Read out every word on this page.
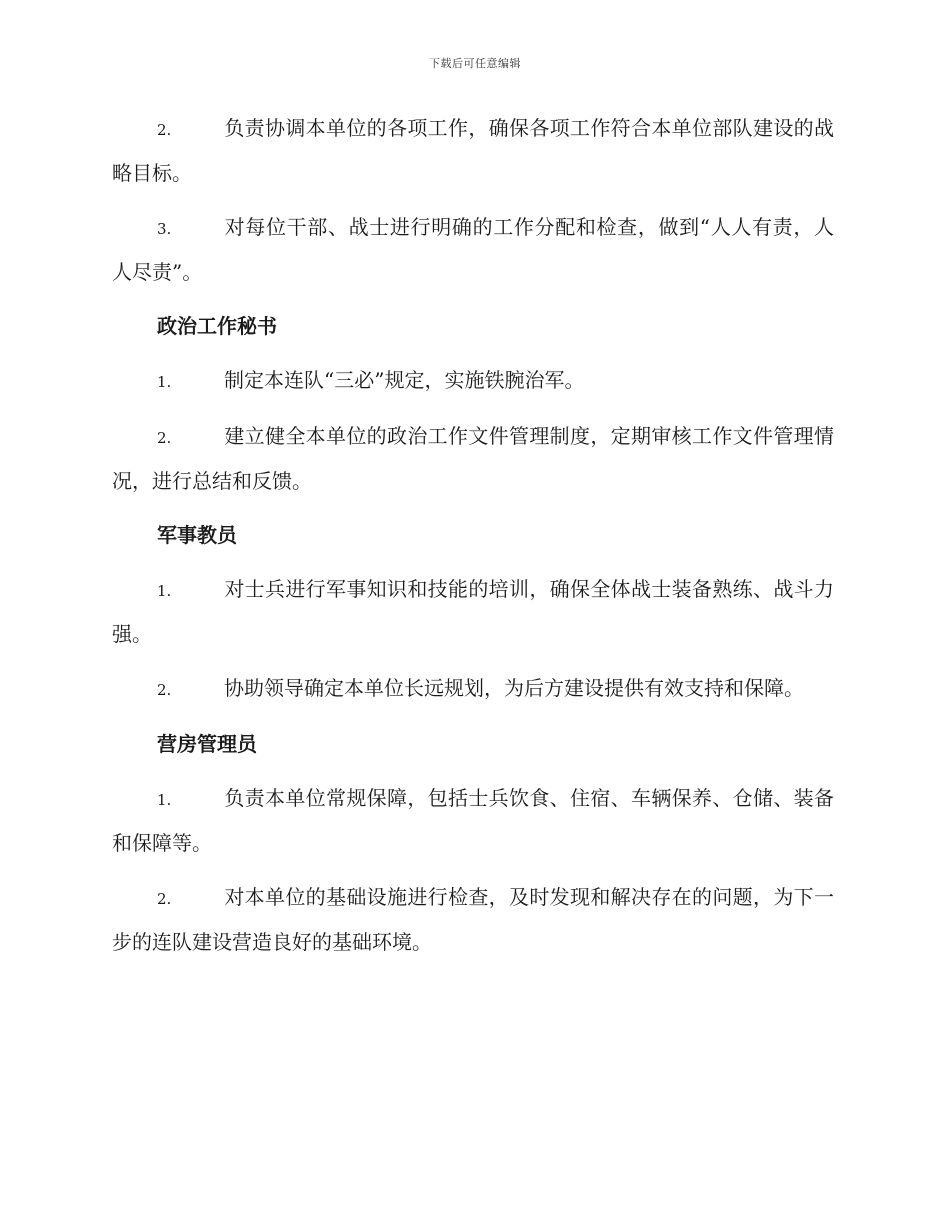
下载后可任意编辑

2.	负责协调本单位的各项工作，确保各项工作符合本单位部队建设的战略目标。

3.	对每位干部、战士进行明确的工作分配和检查，做到“人人有责，人人尽责”。

政治工作秘书

1.	制定本连队“三必”规定，实施铁腕治军。

2.	建立健全本单位的政治工作文件管理制度，定期审核工作文件管理情况，进行总结和反馈。

军事教员

1.	对士兵进行军事知识和技能的培训，确保全体战士装备熟练、战斗力强。

2.	协助领导确定本单位长远规划，为后方建设提供有效支持和保障。

营房管理员

1.	负责本单位常规保障，包括士兵饮食、住宿、车辆保养、仓储、装备和保障等。

2.	对本单位的基础设施进行检查，及时发现和解决存在的问题，为下一步的连队建设营造良好的基础环境。
